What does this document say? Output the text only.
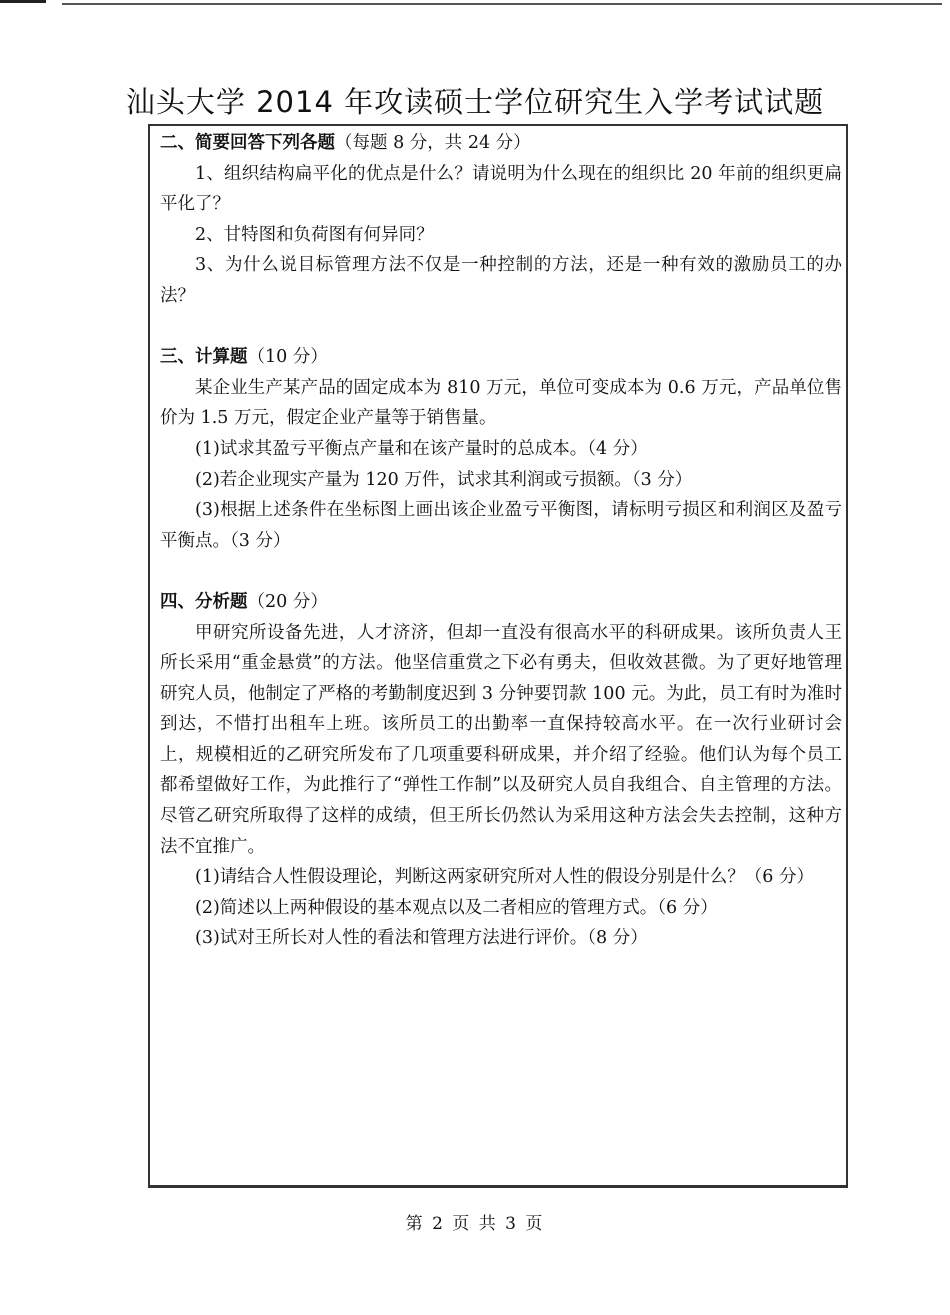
汕头大学 2014 年攻读硕士学位研究生入学考试试题
二、简要回答下列各题（每题 8 分，共 24 分）

1、组织结构扁平化的优点是什么？请说明为什么现在的组织比 20 年前的组织更扁平化了？

2、甘特图和负荷图有何异同？

3、为什么说目标管理方法不仅是一种控制的方法，还是一种有效的激励员工的办法？

三、计算题（10 分）

某企业生产某产品的固定成本为 810 万元，单位可变成本为 0.6 万元，产品单位售价为 1.5 万元，假定企业产量等于销售量。

(1)试求其盈亏平衡点产量和在该产量时的总成本。（4 分）

(2)若企业现实产量为 120 万件，试求其利润或亏损额。（3 分）

(3)根据上述条件在坐标图上画出该企业盈亏平衡图，请标明亏损区和利润区及盈亏平衡点。（3 分）

四、分析题（20 分）

甲研究所设备先进，人才济济，但却一直没有很高水平的科研成果。该所负责人王所长采用“重金悬赏”的方法。他坚信重赏之下必有勇夫，但收效甚微。为了更好地管理研究人员，他制定了严格的考勤制度迟到 3 分钟要罚款 100 元。为此，员工有时为准时到达，不惜打出租车上班。该所员工的出勤率一直保持较高水平。在一次行业研讨会上，规模相近的乙研究所发布了几项重要科研成果，并介绍了经验。他们认为每个员工都希望做好工作，为此推行了“弹性工作制”以及研究人员自我组合、自主管理的方法。尽管乙研究所取得了这样的成绩，但王所长仍然认为采用这种方法会失去控制，这种方法不宜推广。

(1)请结合人性假设理论，判断这两家研究所对人性的假设分别是什么？（6 分）

(2)简述以上两种假设的基本观点以及二者相应的管理方式。（6 分）

(3)试对王所长对人性的看法和管理方法进行评价。（8 分）

第 2 页 共 3 页
